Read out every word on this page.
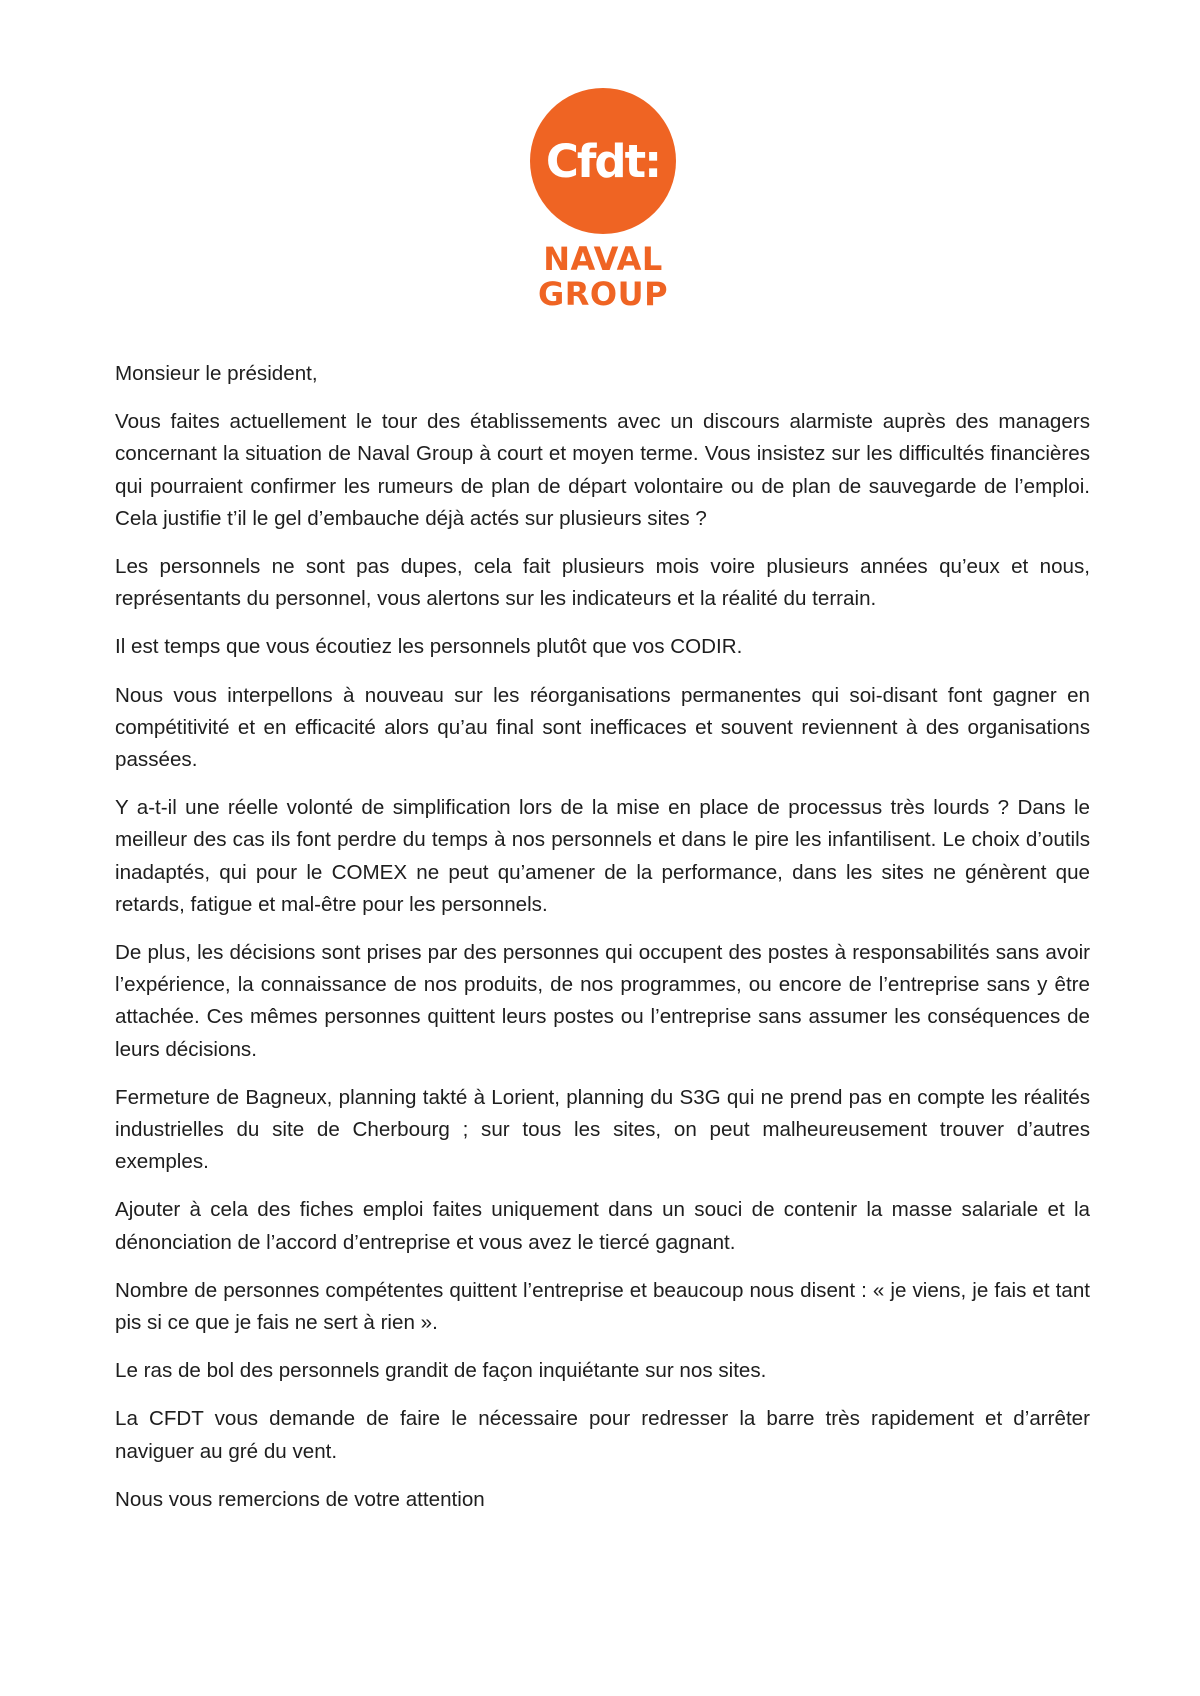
Cfdt:
NAVAL
GROUP

Monsieur le président,

Vous faites actuellement le tour des établissements avec un discours alarmiste auprès des managers concernant la situation de Naval Group à court et moyen terme. Vous insistez sur les difficultés financières qui pourraient confirmer les rumeurs de plan de départ volontaire ou de plan de sauvegarde de l’emploi. Cela justifie t’il le gel d’embauche déjà actés sur plusieurs sites ?

Les personnels ne sont pas dupes, cela fait plusieurs mois voire plusieurs années qu’eux et nous, représentants du personnel, vous alertons sur les indicateurs et la réalité du terrain.

Il est temps que vous écoutiez les personnels plutôt que vos CODIR.

Nous vous interpellons à nouveau sur les réorganisations permanentes qui soi-disant font gagner en compétitivité et en efficacité alors qu’au final sont inefficaces et souvent reviennent à des organisations passées.

Y a-t-il une réelle volonté de simplification lors de la mise en place de processus très lourds ? Dans le meilleur des cas ils font perdre du temps à nos personnels et dans le pire les infantilisent. Le choix d’outils inadaptés, qui pour le COMEX ne peut qu’amener de la performance, dans les sites ne génèrent que retards, fatigue et mal-être pour les personnels.

De plus, les décisions sont prises par des personnes qui occupent des postes à responsabilités sans avoir l’expérience, la connaissance de nos produits, de nos programmes, ou encore de l’entreprise sans y être attachée. Ces mêmes personnes quittent leurs postes ou l’entreprise sans assumer les conséquences de leurs décisions.

Fermeture de Bagneux, planning takté à Lorient, planning du S3G qui ne prend pas en compte les réalités industrielles du site de Cherbourg ; sur tous les sites, on peut malheureusement trouver d’autres exemples.

Ajouter à cela des fiches emploi faites uniquement dans un souci de contenir la masse salariale et la dénonciation de l’accord d’entreprise et vous avez le tiercé gagnant.

Nombre de personnes compétentes quittent l’entreprise et beaucoup nous disent : « je viens, je fais et tant pis si ce que je fais ne sert à rien ».

Le ras de bol des personnels grandit de façon inquiétante sur nos sites.

La CFDT vous demande de faire le nécessaire pour redresser la barre très rapidement et d’arrêter naviguer au gré du vent.

Nous vous remercions de votre attention
